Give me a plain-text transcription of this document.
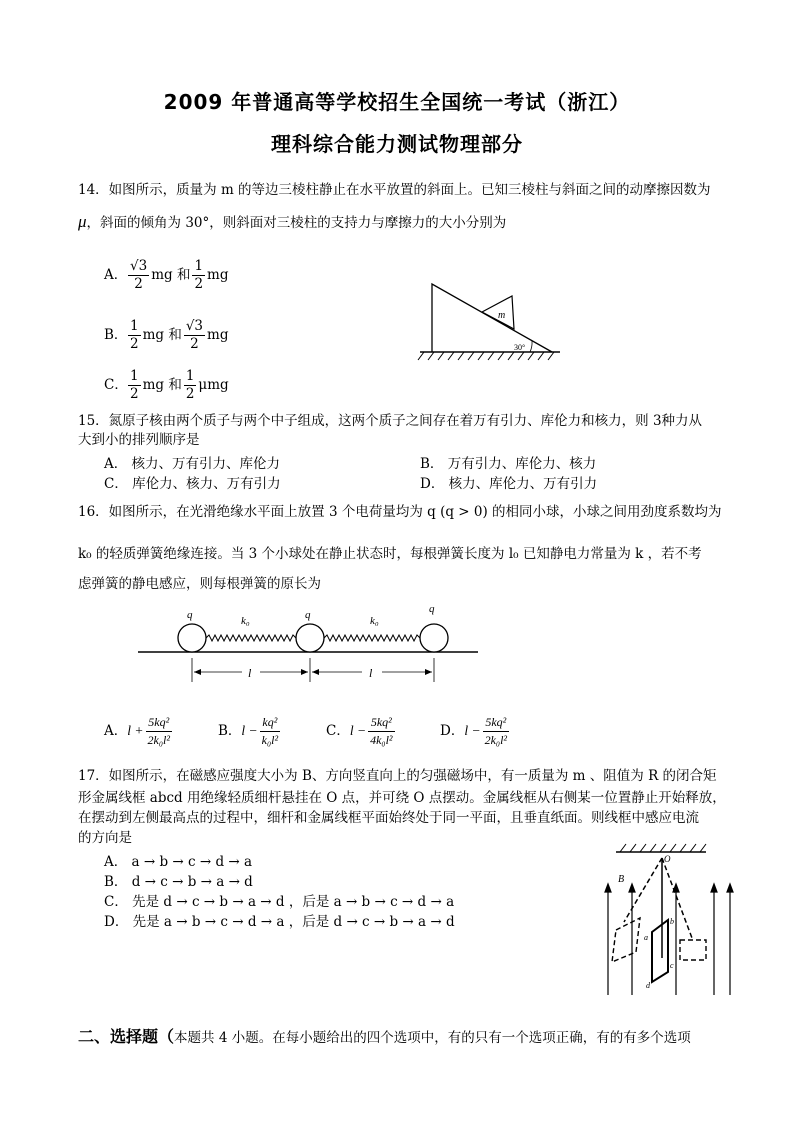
2009 年普通高等学校招生全国统一考试（浙江）
理科综合能力测试物理部分
14．如图所示，质量为 m 的等边三棱柱静止在水平放置的斜面上。已知三棱柱与斜面之间的动摩擦因数为
μ，斜面的倾角为 30°，则斜面对三棱柱的支持力与摩擦力的大小分别为
A． $\frac{√3}{2}$ mg 和 $\frac{1}{2}$ mg
B． $\frac{1}{2}$ mg 和 $\frac{√3}{2}$ mg
C． $\frac{1}{2}$ mg 和 $\frac{1}{2}$ μmg
m
30°
15．氮原子核由两个质子与两个中子组成，这两个质子之间存在着万有引力、库伦力和核力，则 3种力从
大到小的排列顺序是
A． 核力、万有引力、库伦力	B． 万有引力、库伦力、核力
C． 库伦力、核力、万有引力	D． 核力、库伦力、万有引力
16．如图所示，在光滑绝缘水平面上放置 3 个电荷量均为 q (q > 0) 的相同小球，小球之间用劲度系数均为
k₀ 的轻质弹簧绝缘连接。当 3 个小球处在静止状态时，每根弹簧长度为 l₀ 已知静电力常量为 k ，若不考
虑弹簧的静电感应，则每根弹簧的原长为
q	q	q
k₀	k₀
l	l
A．$l + \frac{\text{5kq²}}{\text{2k₀l²}}$	B．$l - \frac{\text{kq²}}{\text{k₀l²}}$	C．$l - \frac{\text{5kq²}}{\text{4k₀l²}}$	D．$l - \frac{\text{5kq²}}{\text{2k₀l²}}$
17．如图所示，在磁感应强度大小为 B、方向竖直向上的匀强磁场中，有一质量为 m 、阻值为 R 的闭合矩
形金属线框 abcd 用绝缘轻质细杆悬挂在 O 点，并可绕 O 点摆动。金属线框从右侧某一位置静止开始释放，
在摆动到左侧最高点的过程中，细杆和金属线框平面始终处于同一平面，且垂直纸面。则线框中感应电流
的方向是
A． a → b → c → d → a
B． d → c → b → a → d
C． 先是 d → c → b → a → d ，后是 a → b → c → d → a
D． 先是 a → b → c → d → a ，后是 d → c → b → a → d
O
B
a
b
c
d
二、选择题（本题共 4 小题。在每小题给出的四个选项中，有的只有一个选项正确，有的有多个选项
